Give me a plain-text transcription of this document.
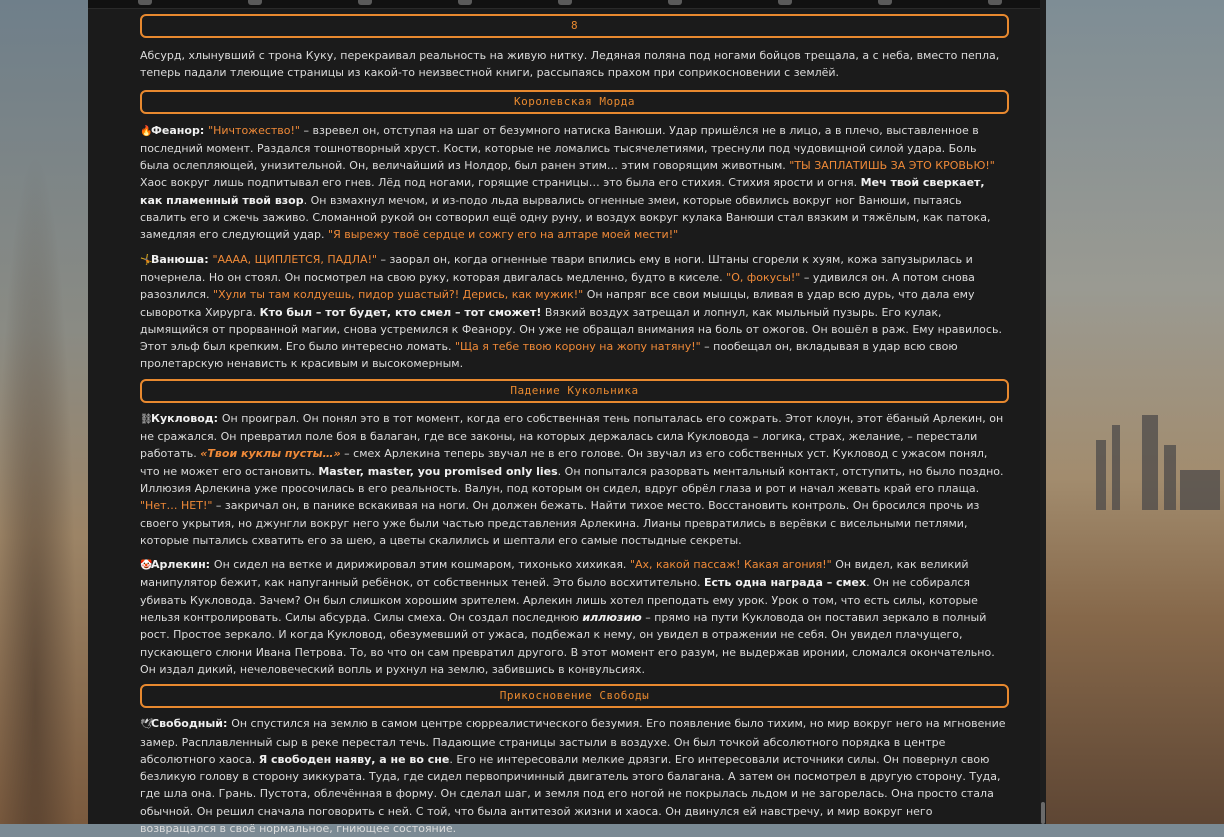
8

Абсурд, хлынувший с трона Куку, перекраивал реальность на живую нитку. Ледяная поляна под ногами бойцов трещала, а с неба, вместо пепла, теперь падали тлеющие страницы из какой-то неизвестной книги, рассыпаясь прахом при соприкосновении с землёй.

Королевская Морда

🔥Феанор: "Ничтожество!" – взревел он, отступая на шаг от безумного натиска Ванюши. Удар пришёлся не в лицо, а в плечо, выставленное в последний момент. Раздался тошнотворный хруст. Кости, которые не ломались тысячелетиями, треснули под чудовищной силой удара. Боль была ослепляющей, унизительной. Он, величайший из Нолдор, был ранен этим… этим говорящим животным. "ТЫ ЗАПЛАТИШЬ ЗА ЭТО КРОВЬЮ!" Хаос вокруг лишь подпитывал его гнев. Лёд под ногами, горящие страницы… это была его стихия. Стихия ярости и огня. Меч твой сверкает, как пламенный твой взор. Он взмахнул мечом, и из-подо льда вырвались огненные змеи, которые обвились вокруг ног Ванюши, пытаясь свалить его и сжечь заживо. Сломанной рукой он сотворил ещё одну руну, и воздух вокруг кулака Ванюши стал вязким и тяжёлым, как патока, замедляя его следующий удар. "Я вырежу твоё сердце и сожгу его на алтаре моей мести!"

🤸Ванюша: "АААА, ЩИПЛЕТСЯ, ПАДЛА!" – заорал он, когда огненные твари впились ему в ноги. Штаны сгорели к хуям, кожа запузырилась и почернела. Но он стоял. Он посмотрел на свою руку, которая двигалась медленно, будто в киселе. "О, фокусы!" – удивился он. А потом снова разозлился. "Хули ты там колдуешь, пидор ушастый?! Дерись, как мужик!" Он напряг все свои мышцы, вливая в удар всю дурь, что дала ему сыворотка Хирурга. Кто был – тот будет, кто смел – тот сможет! Вязкий воздух затрещал и лопнул, как мыльный пузырь. Его кулак, дымящийся от прорванной магии, снова устремился к Феанору. Он уже не обращал внимания на боль от ожогов. Он вошёл в раж. Ему нравилось. Этот эльф был крепким. Его было интересно ломать. "Ща я тебе твою корону на жопу натяну!" – пообещал он, вкладывая в удар всю свою пролетарскую ненависть к красивым и высокомерным.

Падение Кукольника

⛓Кукловод: Он проиграл. Он понял это в тот момент, когда его собственная тень попыталась его сожрать. Этот клоун, этот ёбаный Арлекин, он не сражался. Он превратил поле боя в балаган, где все законы, на которых держалась сила Кукловода – логика, страх, желание, – перестали работать. «Твои куклы пусты…» – смех Арлекина теперь звучал не в его голове. Он звучал из его собственных уст. Кукловод с ужасом понял, что не может его остановить. Master, master, you promised only lies. Он попытался разорвать ментальный контакт, отступить, но было поздно. Иллюзия Арлекина уже просочилась в его реальность. Валун, под которым он сидел, вдруг обрёл глаза и рот и начал жевать край его плаща. "Нет… НЕТ!" – закричал он, в панике вскакивая на ноги. Он должен бежать. Найти тихое место. Восстановить контроль. Он бросился прочь из своего укрытия, но джунгли вокруг него уже были частью представления Арлекина. Лианы превратились в верёвки с висельными петлями, которые пытались схватить его за шею, а цветы скалились и шептали его самые постыдные секреты.

🤡Арлекин: Он сидел на ветке и дирижировал этим кошмаром, тихонько хихикая. "Ах, какой пассаж! Какая агония!" Он видел, как великий манипулятор бежит, как напуганный ребёнок, от собственных теней. Это было восхитительно. Есть одна награда – смех. Он не собирался убивать Кукловода. Зачем? Он был слишком хорошим зрителем. Арлекин лишь хотел преподать ему урок. Урок о том, что есть силы, которые нельзя контролировать. Силы абсурда. Силы смеха. Он создал последнюю иллюзию – прямо на пути Кукловода он поставил зеркало в полный рост. Простое зеркало. И когда Кукловод, обезумевший от ужаса, подбежал к нему, он увидел в отражении не себя. Он увидел плачущего, пускающего слюни Ивана Петрова. То, во что он сам превратил другого. В этот момент его разум, не выдержав иронии, сломался окончательно. Он издал дикий, нечеловеческий вопль и рухнул на землю, забившись в конвульсиях.

Прикосновение Свободы

🕊Свободный: Он спустился на землю в самом центре сюрреалистического безумия. Его появление было тихим, но мир вокруг него на мгновение замер. Расплавленный сыр в реке перестал течь. Падающие страницы застыли в воздухе. Он был точкой абсолютного порядка в центре абсолютного хаоса. Я свободен наяву, а не во сне. Его не интересовали мелкие дрязги. Его интересовали источники силы. Он повернул свою безликую голову в сторону зиккурата. Туда, где сидел первопричинный двигатель этого балагана. А затем он посмотрел в другую сторону. Туда, где шла она. Грань. Пустота, облечённая в форму. Он сделал шаг, и земля под его ногой не покрылась льдом и не загорелась. Она просто стала обычной. Он решил сначала поговорить с ней. С той, что была антитезой жизни и хаоса. Он двинулся ей навстречу, и мир вокруг него возвращался в своё нормальное, гниющее состояние.
